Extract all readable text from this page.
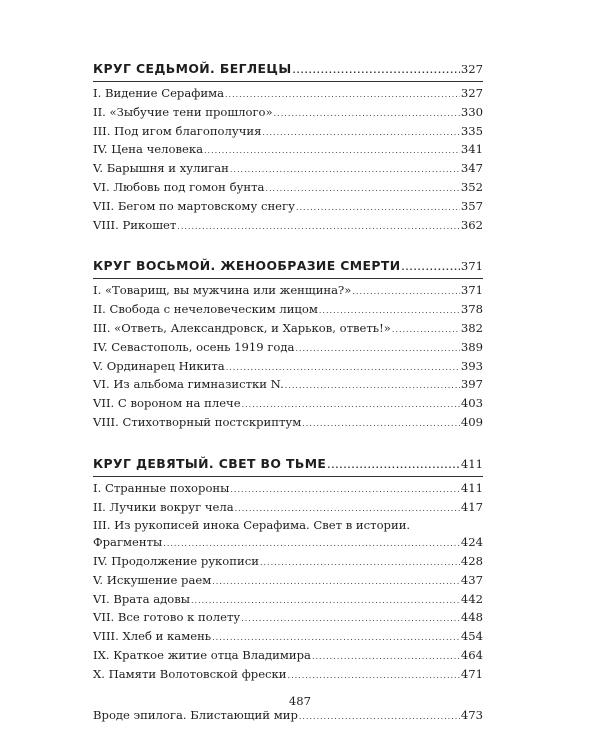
КРУГ СЕДЬМОЙ. БЕГЛЕЦЫ .....	327
I. Видение Серафима .....	327
II. «Зыбучие тени прошлого» .....	330
III. Под игом благополучия .....	335
IV. Цена человека .....	341
V. Барышня и хулиган .....	347
VI. Любовь под гомон бунта .....	352
VII. Бегом по мартовскому снегу .....	357
VIII. Рикошет .....	362
КРУГ ВОСЬМОЙ. ЖЕНООБРАЗИЕ СМЕРТИ .....	371
I. «Товарищ, вы мужчина или женщина?» .....	371
II. Свобода с нечеловеческим лицом .....	378
III. «Ответь, Александровск, и Харьков, ответь!» .....	382
IV. Севастополь, осень 1919 года .....	389
V. Ординарец Никита .....	393
VI. Из альбома гимназистки N. .....	397
VII. С вороном на плече .....	403
VIII. Стихотворный постскриптум .....	409
КРУГ ДЕВЯТЫЙ. СВЕТ ВО ТЬМЕ .....	411
I. Странные похороны .....	411
II. Лучики вокруг чела .....	417
III. Из рукописей инока Серафима. Свет в истории.
Фрагменты .....	424
IV. Продолжение рукописи .....	428
V. Искушение раем .....	437
VI. Врата адовы .....	442
VII. Все готово к полету .....	448
VIII. Хлеб и камень .....	454
IX. Краткое житие отца Владимира .....	464
X. Памяти Волотовской фрески .....	471
Вроде эпилога. Блистающий мир .....	473
487
